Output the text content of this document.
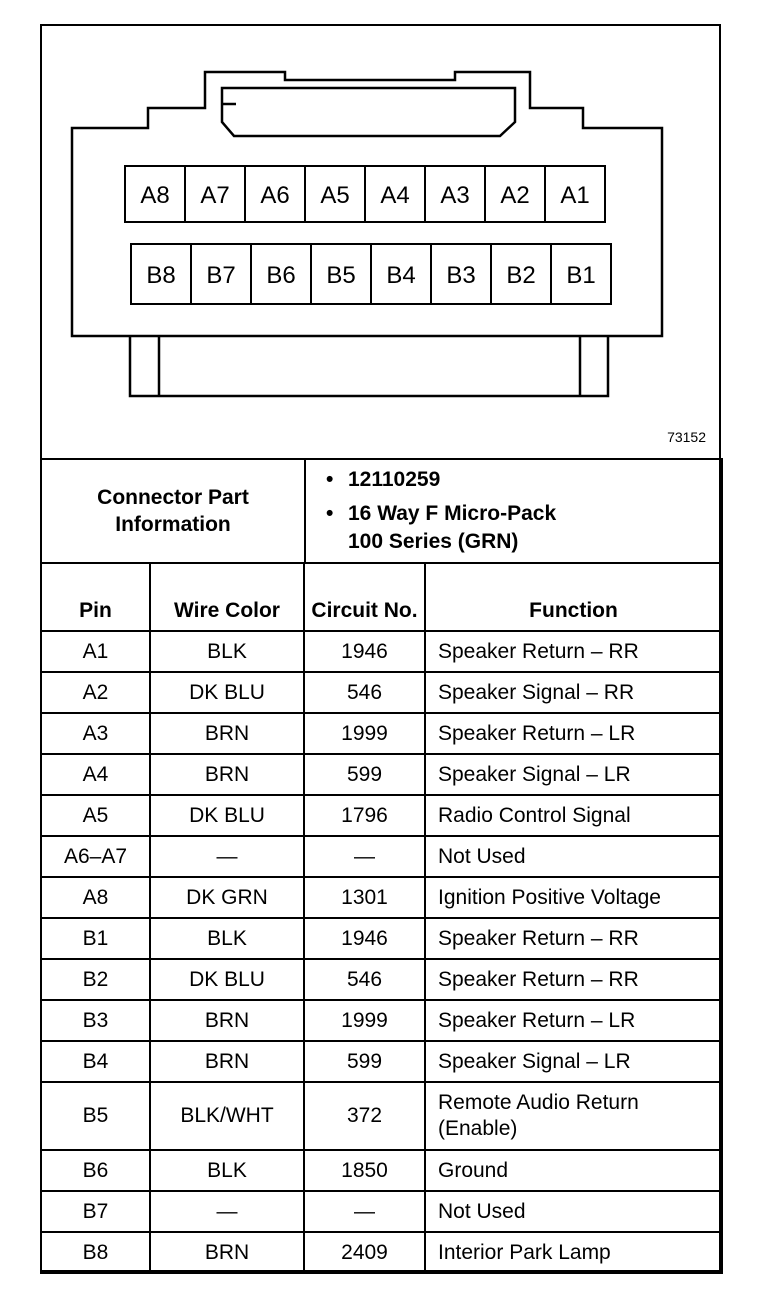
A8 A7 A6 A5 A4 A3 A2 A1
B8 B7 B6 B5 B4 B3 B2 B1
73152
Connector Part Information	
• 12110259
• 16 Way F Micro-Pack
100 Series (GRN)
Pin	Wire Color	Circuit No.	Function
A1	BLK	1946	Speaker Return – RR
A2	DK BLU	546	Speaker Signal – RR
A3	BRN	1999	Speaker Return – LR
A4	BRN	599	Speaker Signal – LR
A5	DK BLU	1796	Radio Control Signal
A6–A7	—	—	Not Used
A8	DK GRN	1301	Ignition Positive Voltage
B1	BLK	1946	Speaker Return – RR
B2	DK BLU	546	Speaker Return – RR
B3	BRN	1999	Speaker Return – LR
B4	BRN	599	Speaker Signal – LR
B5	BLK/WHT	372	Remote Audio Return (Enable)
B6	BLK	1850	Ground
B7	—	—	Not Used
B8	BRN	2409	Interior Park Lamp
